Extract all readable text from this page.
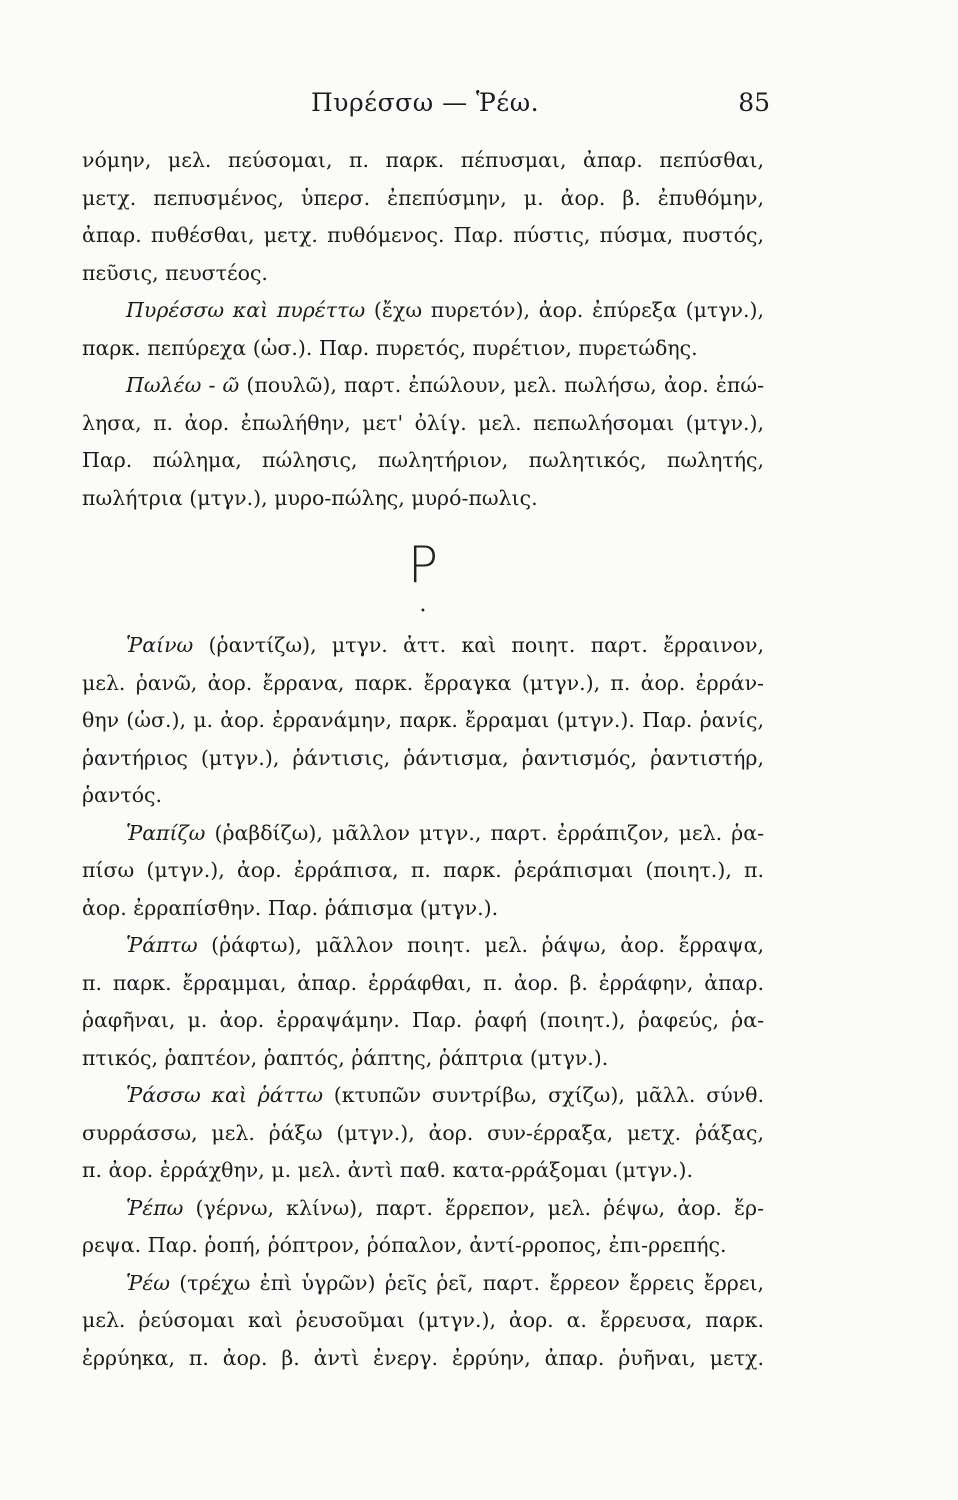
Πυρέσσω — Ῥέω.	85
νόμην, μελ. πεύσομαι, π. παρκ. πέπυσμαι, ἀπαρ. πεπύσθαι,
μετχ. πεπυσμένος, ὑπερσ. ἐπεπύσμην, μ. ἀορ. β. ἐπυθόμην,
ἀπαρ. πυθέσθαι, μετχ. πυθόμενος. Παρ. πύστις, πύσμα, πυστός,
πεῦσις, πευστέος.
Πυρέσσω καὶ πυρέττω (ἔχω πυρετόν), ἀορ. ἐπύρεξα (μτγν.),
παρκ. πεπύρεχα (ὡσ.). Παρ. πυρετός, πυρέτιον, πυρετώδης.
Πωλέω - ῶ (πουλῶ), παρτ. ἐπώλουν, μελ. πωλήσω, ἀορ. ἐπώ-
λησα, π. ἀορ. ἐπωλήθην, μετ' ὀλίγ. μελ. πεπωλήσομαι (μτγν.),
Παρ. πώλημα, πώλησις, πωλητήριον, πωλητικός, πωλητής,
πωλήτρια (μτγν.), μυρο-πώλης, μυρό-πωλις.
Ρ
•
Ῥαίνω (ῥαντίζω), μτγν. ἀττ. καὶ ποιητ. παρτ. ἔρραινον,
μελ. ῥανῶ, ἀορ. ἔρρανα, παρκ. ἔρραγκα (μτγν.), π. ἀορ. ἐρράν-
θην (ὡσ.), μ. ἀορ. ἐρρανάμην, παρκ. ἔρραμαι (μτγν.). Παρ. ῥανίς,
ῥαντήριος (μτγν.), ῥάντισις, ῥάντισμα, ῥαντισμός, ῥαντιστήρ,
ῥαντός.
Ῥαπίζω (ῥαβδίζω), μᾶλλον μτγν., παρτ. ἐρράπιζον, μελ. ῥα-
πίσω (μτγν.), ἀορ. ἐρράπισα, π. παρκ. ῥεράπισμαι (ποιητ.), π.
ἀορ. ἐρραπίσθην. Παρ. ῥάπισμα (μτγν.).
Ῥάπτω (ῥάφτω), μᾶλλον ποιητ. μελ. ῥάψω, ἀορ. ἔρραψα,
π. παρκ. ἔρραμμαι, ἀπαρ. ἐρράφθαι, π. ἀορ. β. ἐρράφην, ἀπαρ.
ῥαφῆναι, μ. ἀορ. ἐρραψάμην. Παρ. ῥαφή (ποιητ.), ῥαφεύς, ῥα-
πτικός, ῥαπτέον, ῥαπτός, ῥάπτης, ῥάπτρια (μτγν.).
Ῥάσσω καὶ ῥάττω (κτυπῶν συντρίβω, σχίζω), μᾶλλ. σύνθ.
συρράσσω, μελ. ῥάξω (μτγν.), ἀορ. συν-έρραξα, μετχ. ῥάξας,
π. ἀορ. ἐρράχθην, μ. μελ. ἀντὶ παθ. κατα-ρράξομαι (μτγν.).
Ῥέπω (γέρνω, κλίνω), παρτ. ἔρρεπον, μελ. ῥέψω, ἀορ. ἔρ-
ρεψα. Παρ. ῥοπή, ῥόπτρον, ῥόπαλον, ἀντί-ρροπος, ἐπι-ρρεπής.
Ῥέω (τρέχω ἐπὶ ὑγρῶν) ῥεῖς ῥεῖ, παρτ. ἔρρεον ἔρρεις ἔρρει,
μελ. ῥεύσομαι καὶ ῥευσοῦμαι (μτγν.), ἀορ. α. ἔρρευσα, παρκ.
ἐρρύηκα, π. ἀορ. β. ἀντὶ ἐνεργ. ἐρρύην, ἀπαρ. ῥυῆναι, μετχ.
